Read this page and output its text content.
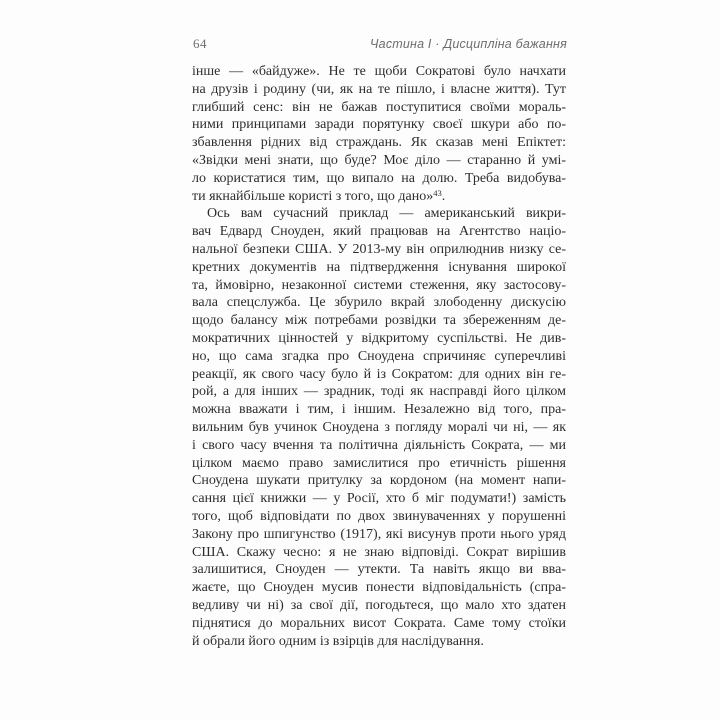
64	Частина I · Дисципліна бажання
інше — «байдуже». Не те щоби Сократові було начхати
на друзів і родину (чи, як на те пішло, і власне життя). Тут
глибший сенс: він не бажав поступитися своїми мораль-
ними принципами заради порятунку своєї шкури або по-
збавлення рідних від страждань. Як сказав мені Епіктет:
«Звідки мені знати, що буде? Моє діло — старанно й умі-
ло користатися тим, що випало на долю. Треба видобува-
ти якнайбільше користі з того, що дано»$^{43}$.
Ось вам сучасний приклад — американський викри-
вач Едвард Сноуден, який працював на Агентство націо-
нальної безпеки США. У 2013-му він оприлюднив низку се-
кретних документів на підтвердження існування широкої
та, ймовірно, незаконної системи стеження, яку застосову-
вала спецслужба. Це збурило вкрай злободенну дискусію
щодо балансу між потребами розвідки та збереженням де-
мократичних цінностей у відкритому суспільстві. Не див-
но, що сама згадка про Сноудена спричиняє суперечливі
реакції, як свого часу було й із Сократом: для одних він ге-
рой, а для інших — зрадник, тоді як насправді його цілком
можна вважати і тим, і іншим. Незалежно від того, пра-
вильним був учинок Сноудена з погляду моралі чи ні, — як
і свого часу вчення та політична діяльність Сократа, — ми
цілком маємо право замислитися про етичність рішення
Сноудена шукати притулку за кордоном (на момент напи-
сання цієї книжки — у Росії, хто б міг подумати!) замість
того, щоб відповідати по двох звинуваченнях у порушенні
Закону про шпигунство (1917), які висунув проти нього уряд
США. Скажу чесно: я не знаю відповіді. Сократ вирішив
залишитися, Сноуден — утекти. Та навіть якщо ви вва-
жаєте, що Сноуден мусив понести відповідальність (спра-
ведливу чи ні) за свої дії, погодьтеся, що мало хто здатен
піднятися до моральних висот Сократа. Саме тому стоїки
й обрали його одним із взірців для наслідування.
